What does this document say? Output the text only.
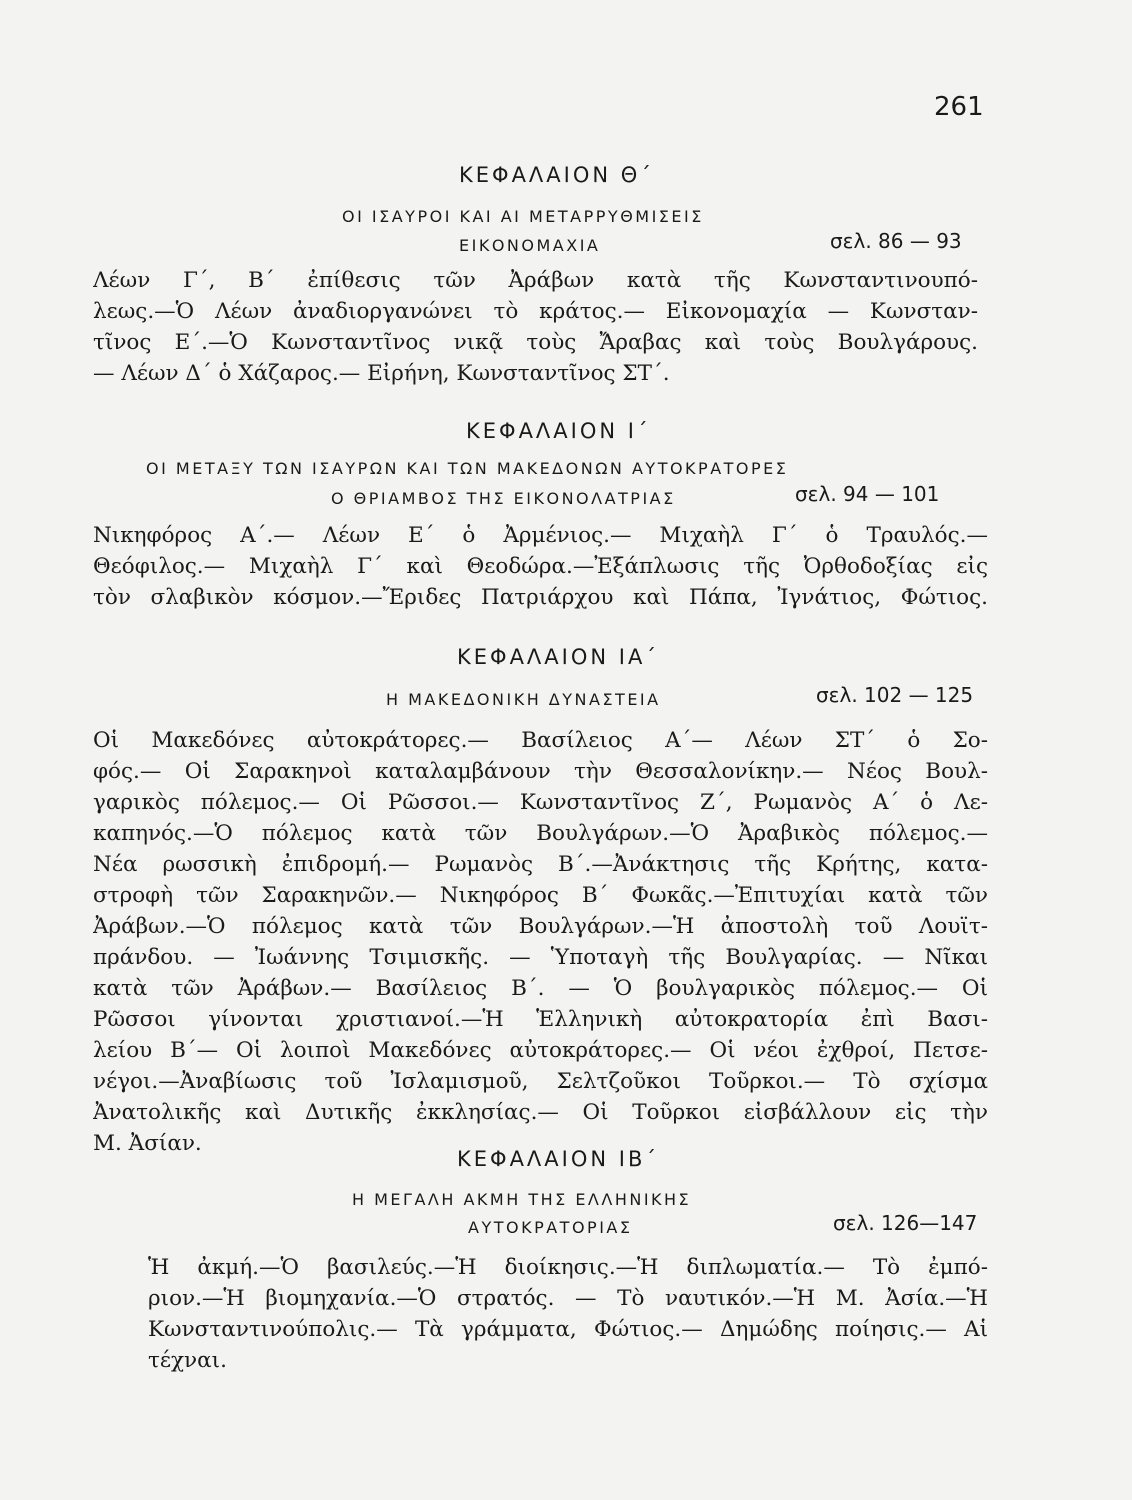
261
ΚΕΦΑΛΑΙΟΝ Θ΄
ΟΙ ΙΣΑΥΡΟΙ ΚΑΙ ΑΙ ΜΕΤΑΡΡΥΘΜΙΣΕΙΣ
ΕΙΚΟΝΟΜΑΧΙΑ	σελ. 86 — 93
Λέων Γ΄, Β΄ ἐπίθεσις τῶν Ἀράβων κατὰ τῆς Κωνσταντινουπό-
λεως.—Ὁ Λέων ἀναδιοργανώνει τὸ κράτος.— Εἰκονομαχία — Κωνσταν-
τῖνος Ε΄.—Ὁ Κωνσταντῖνος νικᾷ τοὺς Ἄραβας καὶ τοὺς Βουλγάρους.
— Λέων Δ΄ ὁ Χάζαρος.— Εἰρήνη, Κωνσταντῖνος ΣΤ΄.
ΚΕΦΑΛΑΙΟΝ Ι΄
ΟΙ ΜΕΤΑΞΥ ΤΩΝ ΙΣΑΥΡΩΝ ΚΑΙ ΤΩΝ ΜΑΚΕΔΟΝΩΝ ΑΥΤΟΚΡΑΤΟΡΕΣ
Ο ΘΡΙΑΜΒΟΣ ΤΗΣ ΕΙΚΟΝΟΛΑΤΡΙΑΣ	σελ. 94 — 101
Νικηφόρος Α΄.— Λέων Ε΄ ὁ Ἀρμένιος.— Μιχαὴλ Γ΄ ὁ Τραυλός.—
Θεόφιλος.— Μιχαὴλ Γ΄ καὶ Θεοδώρα.—Ἐξάπλωσις τῆς Ὀρθοδοξίας εἰς
τὸν σλαβικὸν κόσμον.—Ἔριδες Πατριάρχου καὶ Πάπα, Ἰγνάτιος, Φώτιος.
ΚΕΦΑΛΑΙΟΝ ΙΑ΄
Η ΜΑΚΕΔΟΝΙΚΗ ΔΥΝΑΣΤΕΙΑ	σελ. 102 — 125
Οἱ Μακεδόνες αὐτοκράτορες.— Βασίλειος Α΄— Λέων ΣΤ΄ ὁ Σο-
φός.— Οἱ Σαρακηνοὶ καταλαμβάνουν τὴν Θεσσαλονίκην.— Νέος Βουλ-
γαρικὸς πόλεμος.— Οἱ Ρῶσσοι.— Κωνσταντῖνος Ζ΄, Ρωμανὸς Α΄ ὁ Λε-
καπηνός.—Ὁ πόλεμος κατὰ τῶν Βουλγάρων.—Ὁ Ἀραβικὸς πόλεμος.—
Νέα ρωσσικὴ ἐπιδρομή.— Ρωμανὸς Β΄.—Ἀνάκτησις τῆς Κρήτης, κατα-
στροφὴ τῶν Σαρακηνῶν.— Νικηφόρος Β΄ Φωκᾶς.—Ἐπιτυχίαι κατὰ τῶν
Ἀράβων.—Ὁ πόλεμος κατὰ τῶν Βουλγάρων.—Ἡ ἀποστολὴ τοῦ Λουϊτ-
πράνδου. — Ἰωάννης Τσιμισκῆς. — Ὑποταγὴ τῆς Βουλγαρίας. — Νῖκαι
κατὰ τῶν Ἀράβων.— Βασίλειος Β΄. — Ὁ βουλγαρικὸς πόλεμος.— Οἱ
Ρῶσσοι γίνονται χριστιανοί.—Ἡ Ἑλληνικὴ αὐτοκρατορία ἐπὶ Βασι-
λείου Β΄— Οἱ λοιποὶ Μακεδόνες αὐτοκράτορες.— Οἱ νέοι ἐχθροί, Πετσε-
νέγοι.—Ἀναβίωσις τοῦ Ἰσλαμισμοῦ, Σελτζοῦκοι Τοῦρκοι.— Τὸ σχίσμα
Ἀνατολικῆς καὶ Δυτικῆς ἐκκλησίας.— Οἱ Τοῦρκοι εἰσβάλλουν εἰς τὴν
Μ. Ἀσίαν.
ΚΕΦΑΛΑΙΟΝ ΙΒ΄
Η ΜΕΓΑΛΗ ΑΚΜΗ ΤΗΣ ΕΛΛΗΝΙΚΗΣ
ΑΥΤΟΚΡΑΤΟΡΙΑΣ	σελ. 126—147
Ἡ ἀκμή.—Ὁ βασιλεύς.—Ἡ διοίκησις.—Ἡ διπλωματία.— Τὸ ἐμπό-
ριον.—Ἡ βιομηχανία.—Ὁ στρατός. — Τὸ ναυτικόν.—Ἡ Μ. Ἀσία.—Ἡ
Κωνσταντινούπολις.— Τὰ γράμματα, Φώτιος.— Δημώδης ποίησις.— Αἱ
τέχναι.
